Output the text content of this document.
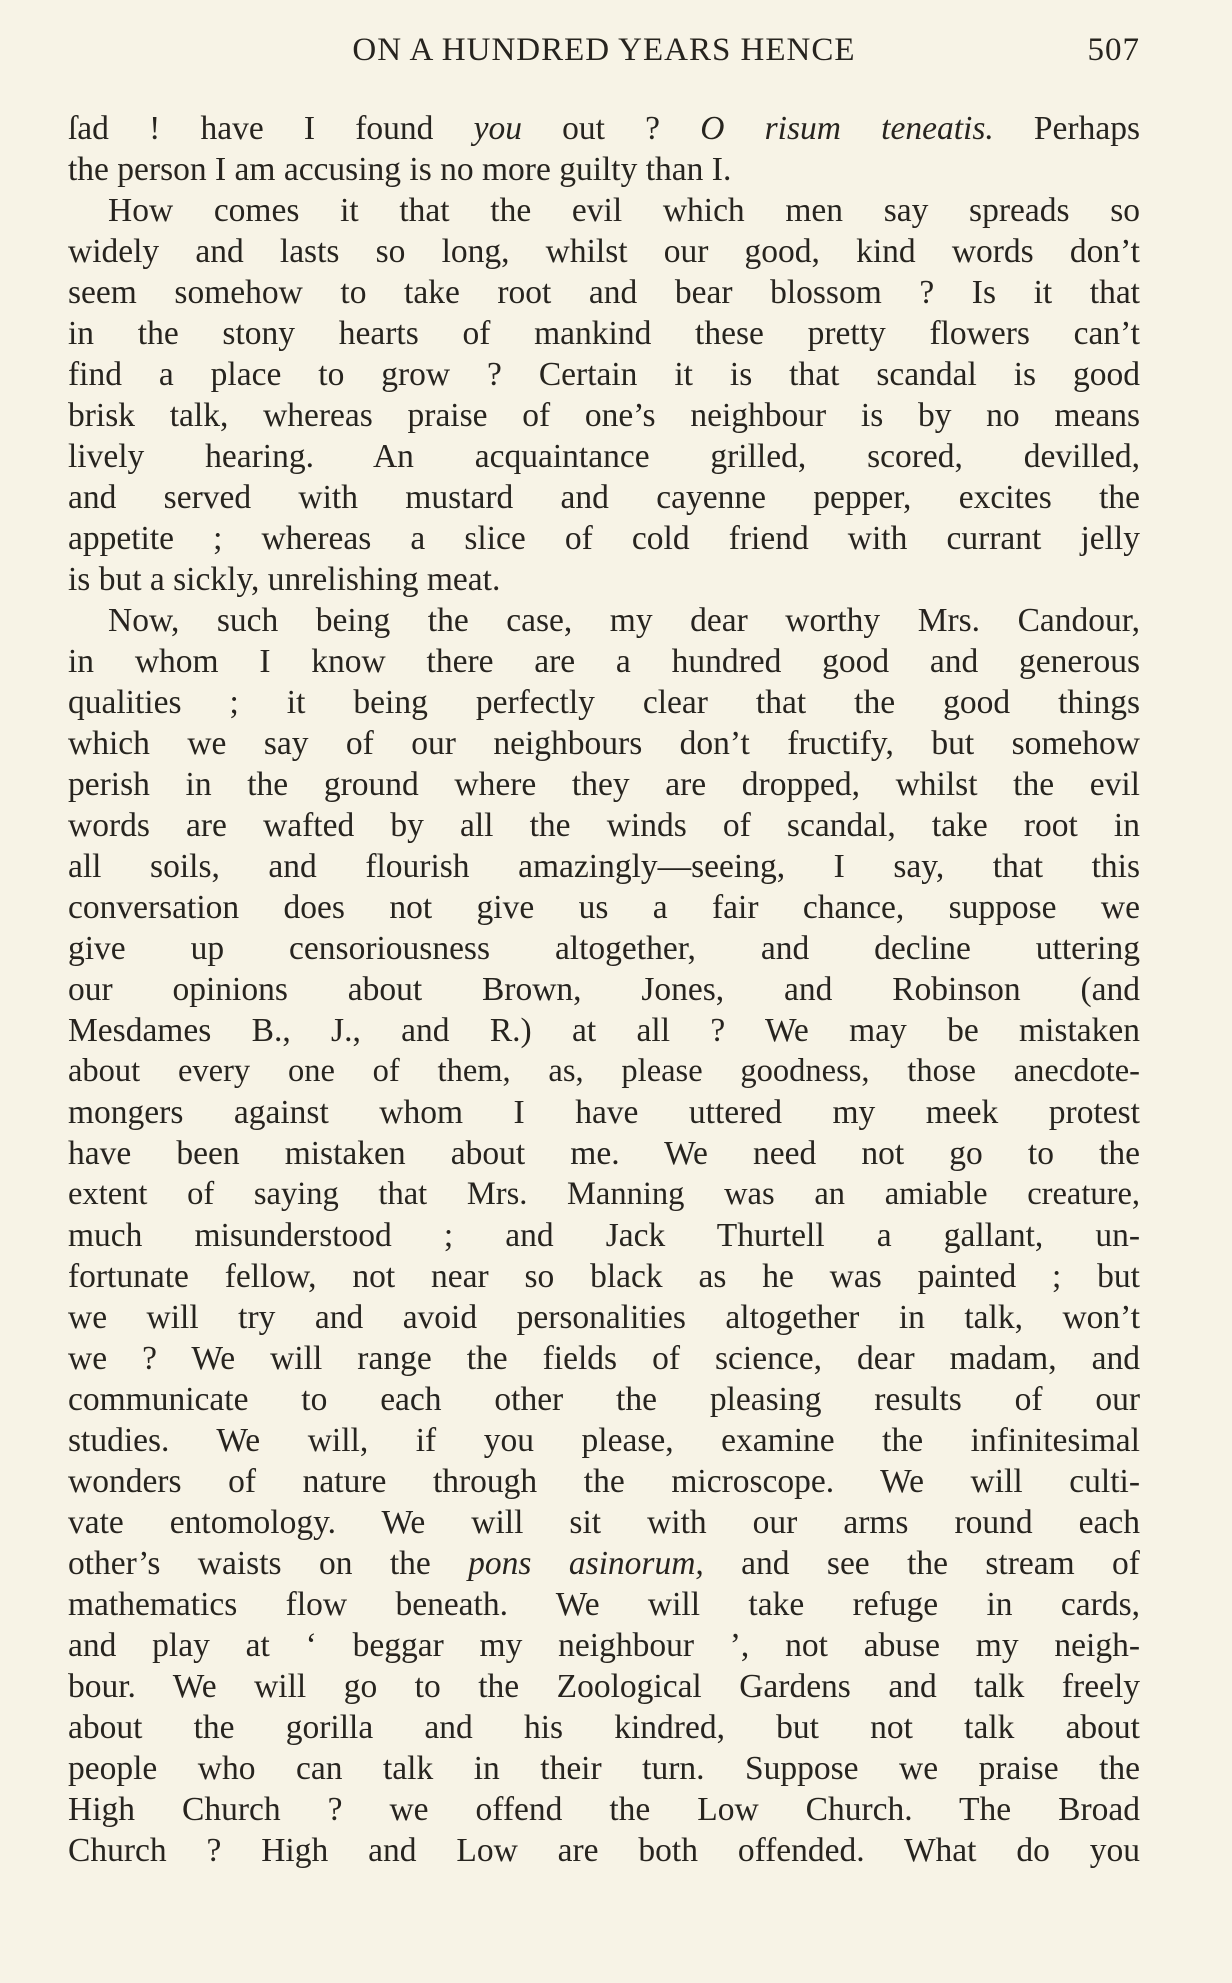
ON A HUNDRED YEARS HENCE	507
ſad ! have I found you out ? O risum teneatis. Perhaps
the person I am accusing is no more guilty than I.
How comes it that the evil which men say spreads so
widely and lasts so long, whilst our good, kind words don’t
seem somehow to take root and bear blossom ? Is it that
in the stony hearts of mankind these pretty flowers can’t
find a place to grow ? Certain it is that scandal is good
brisk talk, whereas praise of one’s neighbour is by no means
lively hearing. An acquaintance grilled, scored, devilled,
and served with mustard and cayenne pepper, excites the
appetite ; whereas a slice of cold friend with currant jelly
is but a sickly, unrelishing meat.
Now, such being the case, my dear worthy Mrs. Candour,
in whom I know there are a hundred good and generous
qualities ; it being perfectly clear that the good things
which we say of our neighbours don’t fructify, but somehow
perish in the ground where they are dropped, whilst the evil
words are wafted by all the winds of scandal, take root in
all soils, and flourish amazingly—seeing, I say, that this
conversation does not give us a fair chance, suppose we
give up censoriousness altogether, and decline uttering
our opinions about Brown, Jones, and Robinson (and
Mesdames B., J., and R.) at all ? We may be mistaken
about every one of them, as, please goodness, those anecdote-
mongers against whom I have uttered my meek protest
have been mistaken about me. We need not go to the
extent of saying that Mrs. Manning was an amiable creature,
much misunderstood ; and Jack Thurtell a gallant, un-
fortunate fellow, not near so black as he was painted ; but
we will try and avoid personalities altogether in talk, won’t
we ? We will range the fields of science, dear madam, and
communicate to each other the pleasing results of our
studies. We will, if you please, examine the infinitesimal
wonders of nature through the microscope. We will culti-
vate entomology. We will sit with our arms round each
other’s waists on the pons asinorum, and see the stream of
mathematics flow beneath. We will take refuge in cards,
and play at ‘ beggar my neighbour ’, not abuse my neigh-
bour. We will go to the Zoological Gardens and talk freely
about the gorilla and his kindred, but not talk about
people who can talk in their turn. Suppose we praise the
High Church ? we offend the Low Church. The Broad
Church ? High and Low are both offended. What do you
